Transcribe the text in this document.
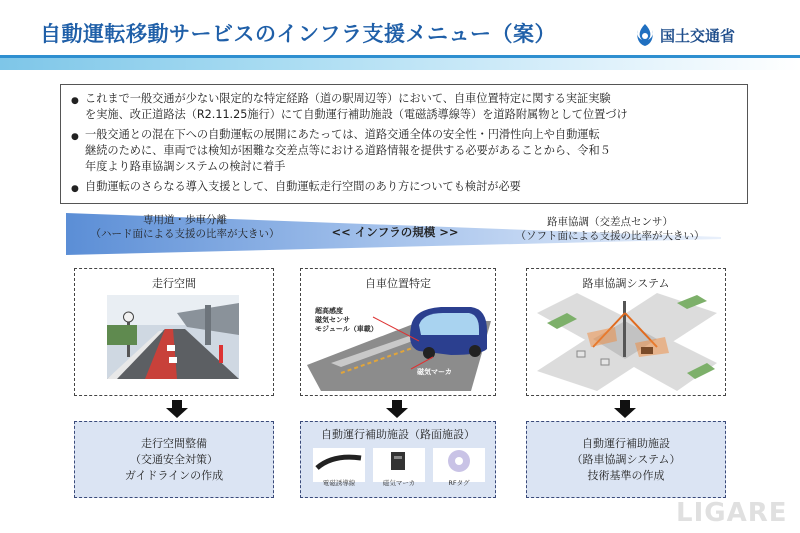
自動運転移動サービスのインフラ支援メニュー（案）	国土交通省
● これまで一般交通が少ない限定的な特定経路（道の駅周辺等）において、自車位置特定に関する実証実験
を実施、改正道路法（R2.11.25施行）にて自動運行補助施設（電磁誘導線等）を道路附属物として位置づけ
● 一般交通との混在下への自動運転の展開にあたっては、道路交通全体の安全性・円滑性向上や自動運転
継続のために、車両では検知が困難な交差点等における道路情報を提供する必要があることから、令和５
年度より路車協調システムの検討に着手
● 自動運転のさらなる導入支援として、自動運転走行空間のあり方についても検討が必要
専用道・歩車分離
（ハード面による支援の比率が大きい）	<< インフラの規模 >>
路車協調（交差点センサ）
（ソフト面による支援の比率が大きい）
走行空間	自車位置特定
超高感度
磁気センサ
モジュール（車載）
磁気マーカ
路車協調システム
走行空間整備
（交通安全対策）
ガイドラインの作成
自動運行補助施設（路面施設）
電磁誘導線	磁気マーカ	RFタグ
自動運行補助施設
（路車協調システム）
技術基準の作成
LIGARE
